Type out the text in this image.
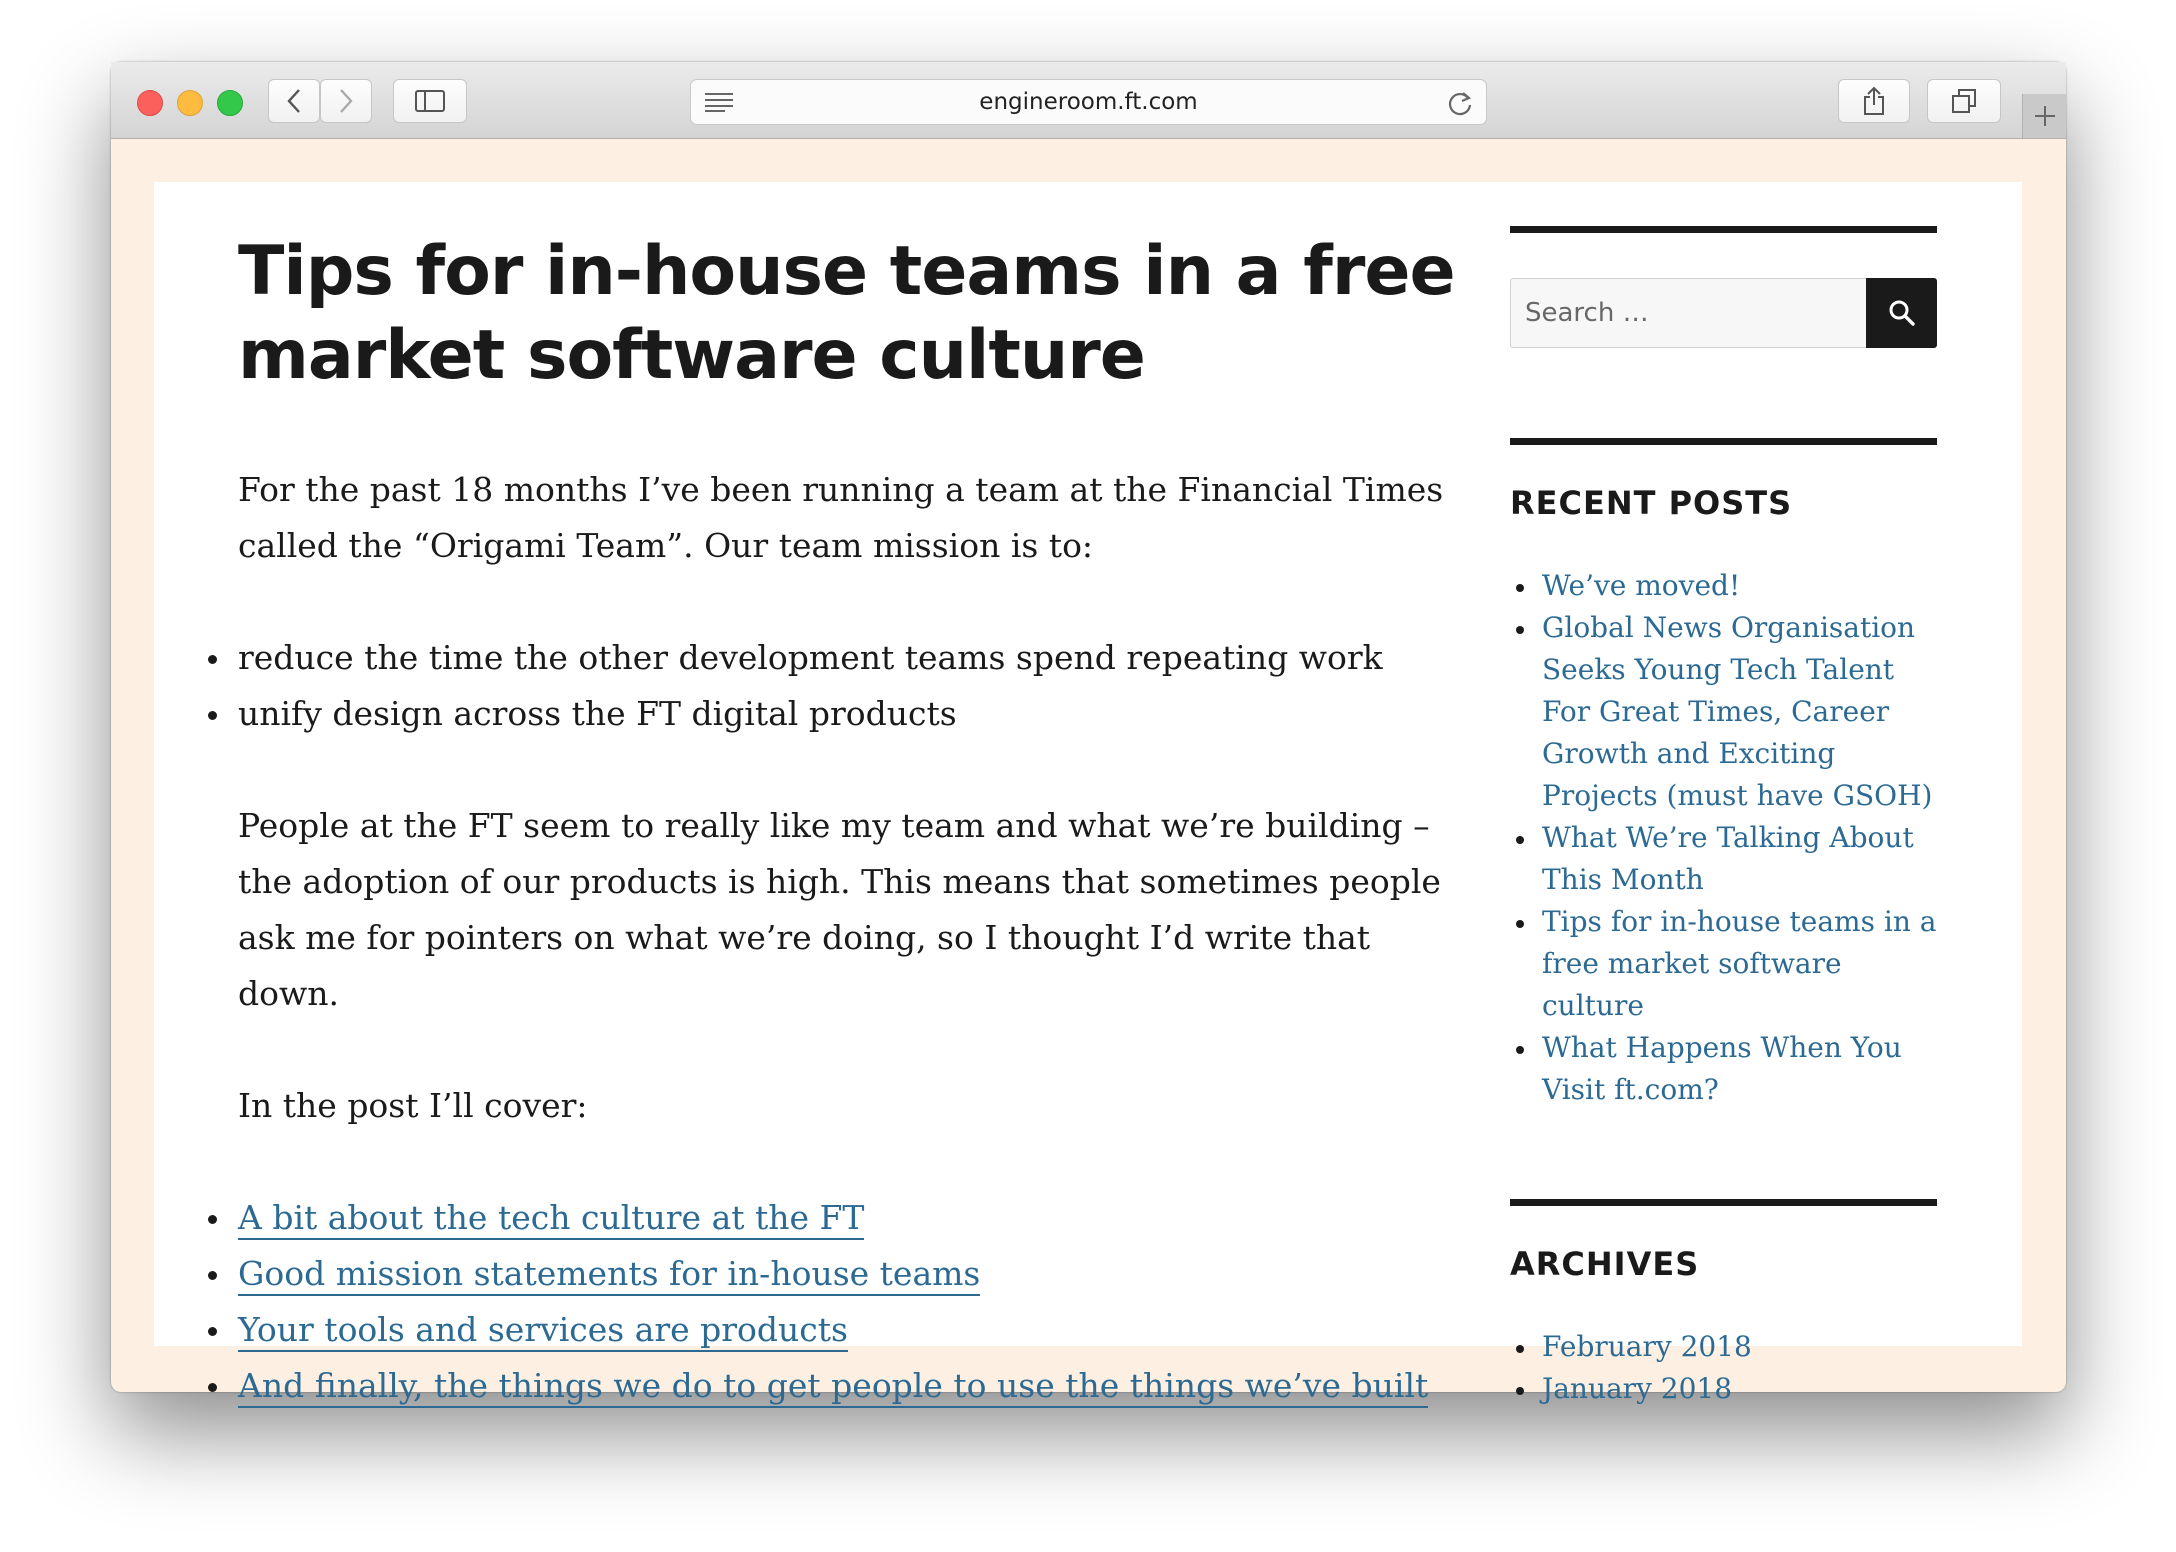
engineroom.ft.com
Tips for in-house teams in a free market software culture

For the past 18 months I’ve been running a team at the Financial Times called the “Origami Team”. Our team mission is to:

reduce the time the other development teams spend repeating work
unify design across the FT digital products

People at the FT seem to really like my team and what we’re building – the adoption of our products is high. This means that sometimes people ask me for pointers on what we’re doing, so I thought I’d write that down.

In the post I’ll cover:

A bit about the tech culture at the FT
Good mission statements for in-house teams
Your tools and services are products
And finally, the things we do to get people to use the things we’ve built
Search …
RECENT POSTS
We’ve moved!
Global News Organisation Seeks Young Tech Talent For Great Times, Career Growth and Exciting Projects (must have GSOH)
What We’re Talking About This Month
Tips for in-house teams in a free market software culture
What Happens When You Visit ft.com?
ARCHIVES
February 2018
January 2018
